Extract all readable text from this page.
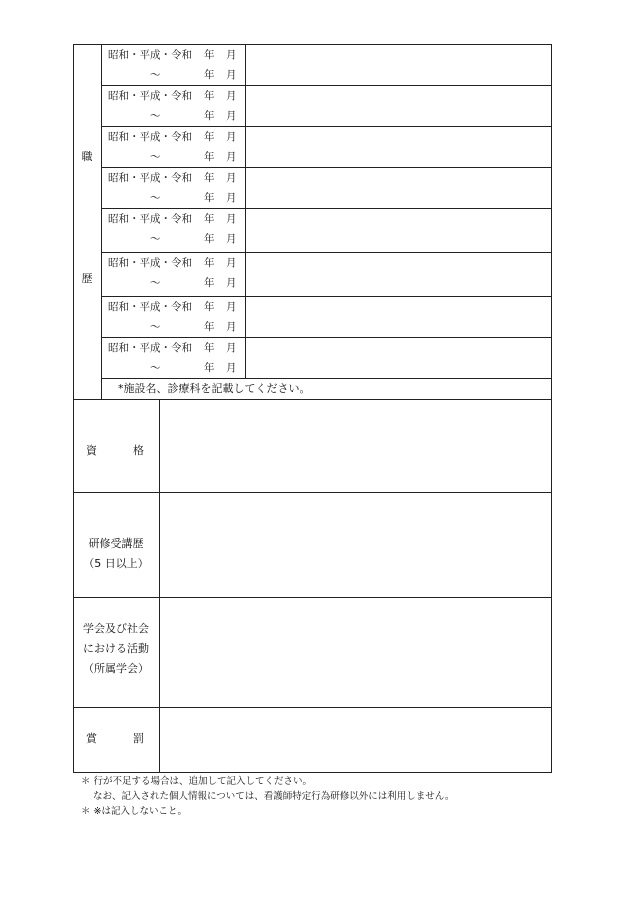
職
歴
昭和・平成・令和 年 月
〜	年 月
昭和・平成・令和 年 月
〜	年 月
昭和・平成・令和 年 月
〜	年 月
昭和・平成・令和 年 月
〜	年 月
昭和・平成・令和 年 月
〜	年 月
昭和・平成・令和 年 月
〜	年 月
昭和・平成・令和 年 月
〜	年 月
昭和・平成・令和 年 月
〜	年 月
*施設名、診療科を記載してください。
資	格
研修受講歴
（5 日以上）
学会及び社会
における活動
（所属学会）
賞	罰
＊ 行が不足する場合は、追加して記入してください。
なお、記入された個人情報については、看護師特定行為研修以外には利用しません。
＊ ※は記入しないこと。
